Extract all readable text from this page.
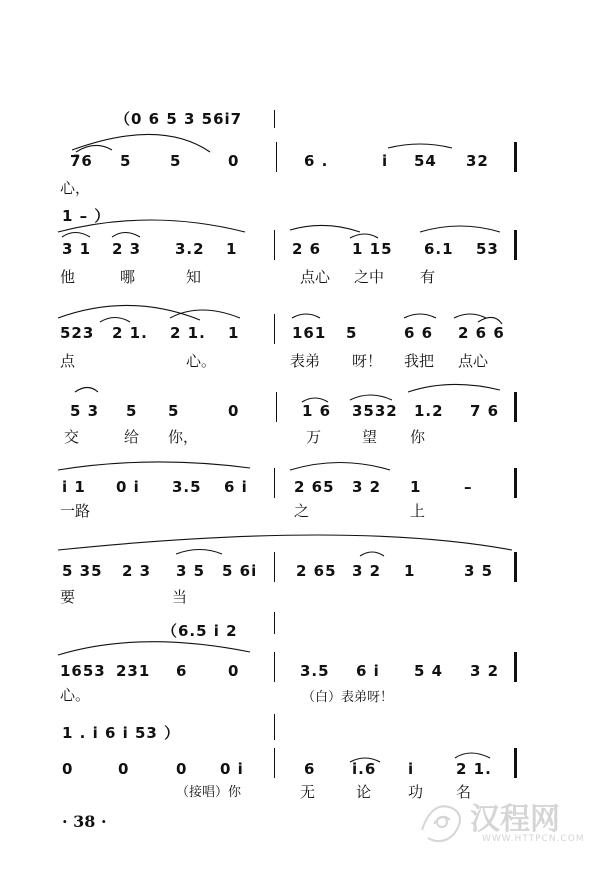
（0 6 5 3 56i7
7̄6 5	5	0	6 .	i 54 32
心，
1 – ）
3 1 2 3 3.2 1	2 6 1 15 6.1 53
他	哪	知	点心 之中 有
523 2 1. 2 1. 1	161 5	6 6 2 6 6
点	心。	表弟 呀！ 我把 点心
5 3 5 5	0	1 6 3532 1.2 7 6
交	给 你，	万	望 你
i 1 0 i 3.5 6 i	2 65 3 2 1	–
一路	之	上
5 35 2 3 3 5 5 6i	2 65 3 2 1	3 5
要	当
（6.5 i 2
1653 231 6	0	3.5 6 i 5 4 3 2
心。	（白）表弟呀！
1 . i 6 i 53 ）
0	0	0 0 i	6 i.6 i	2 1.
（接唱）你	无	论 功 名
· 38 ·	汉程网
WWW.HTTPCN.COM
